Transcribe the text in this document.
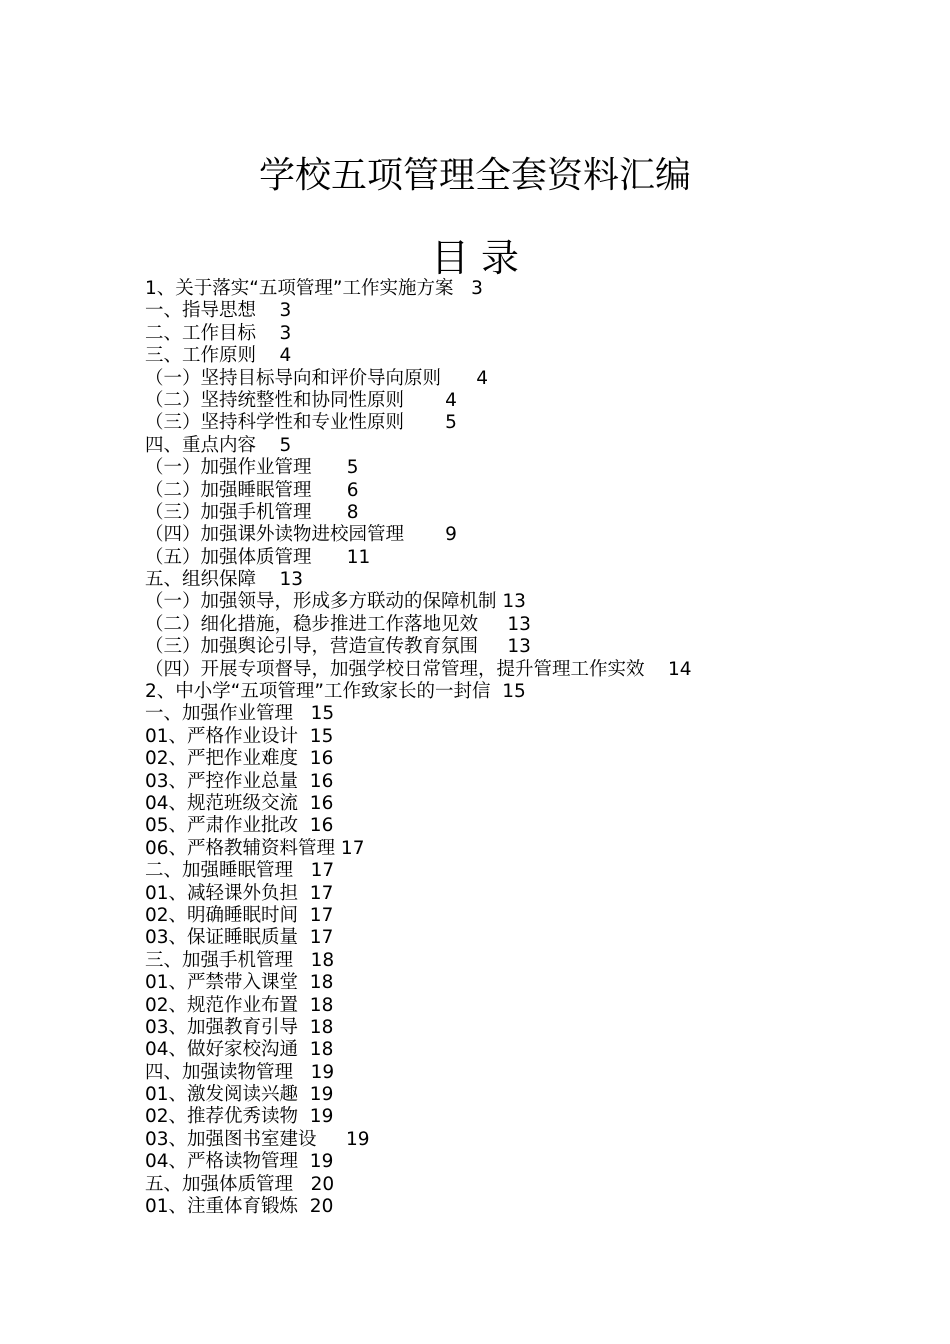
学校五项管理全套资料汇编
目 录
1、关于落实“五项管理”工作实施方案   3
一、指导思想    3
二、工作目标    3
三、工作原则    4
（一）坚持目标导向和评价导向原则      4
（二）坚持统整性和协同性原则       4
（三）坚持科学性和专业性原则       5
四、重点内容    5
（一）加强作业管理      5
（二）加强睡眠管理      6
（三）加强手机管理      8
（四）加强课外读物进校园管理       9
（五）加强体质管理      11
五、组织保障    13
（一）加强领导，形成多方联动的保障机制 13
（二）细化措施，稳步推进工作落地见效     13
（三）加强舆论引导，营造宣传教育氛围     13
（四）开展专项督导，加强学校日常管理，提升管理工作实效    14
2、中小学“五项管理”工作致家长的一封信  15
一、加强作业管理   15
01、严格作业设计  15
02、严把作业难度  16
03、严控作业总量  16
04、规范班级交流  16
05、严肃作业批改  16
06、严格教辅资料管理 17
二、加强睡眠管理   17
01、减轻课外负担  17
02、明确睡眠时间  17
03、保证睡眠质量  17
三、加强手机管理   18
01、严禁带入课堂  18
02、规范作业布置  18
03、加强教育引导  18
04、做好家校沟通  18
四、加强读物管理   19
01、激发阅读兴趣  19
02、推荐优秀读物  19
03、加强图书室建设     19
04、严格读物管理  19
五、加强体质管理   20
01、注重体育锻炼  20
